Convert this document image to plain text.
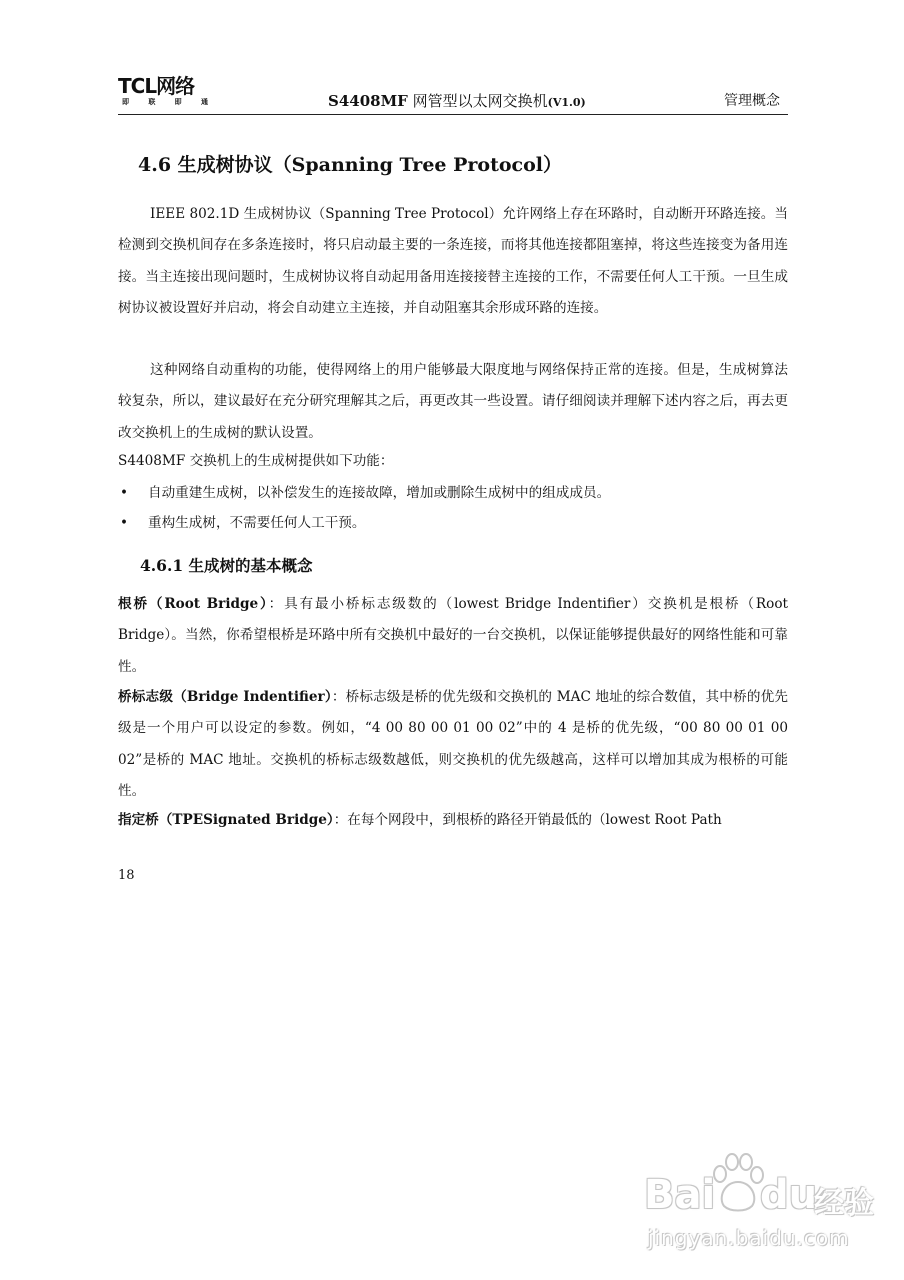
TCL网络
即	联	即	通	S4408MF 网管型以太网交换机(V1.0)	管理概念
4.6 生成树协议（Spanning Tree Protocol）
IEEE 802.1D 生成树协议（Spanning Tree Protocol）允许网络上存在环路时，自动断开环路连接。当检测到交换机间存在多条连接时，将只启动最主要的一条连接，而将其他连接都阻塞掉，将这些连接变为备用连接。当主连接出现问题时，生成树协议将自动起用备用连接接替主连接的工作，不需要任何人工干预。一旦生成树协议被设置好并启动，将会自动建立主连接，并自动阻塞其余形成环路的连接。
这种网络自动重构的功能，使得网络上的用户能够最大限度地与网络保持正常的连接。但是，生成树算法较复杂，所以，建议最好在充分研究理解其之后，再更改其一些设置。请仔细阅读并理解下述内容之后，再去更改交换机上的生成树的默认设置。
S4408MF 交换机上的生成树提供如下功能：
• 自动重建生成树，以补偿发生的连接故障，增加或删除生成树中的组成成员。
• 重构生成树，不需要任何人工干预。
4.6.1 生成树的基本概念
根桥（Root Bridge）：具有最小桥标志级数的（lowest Bridge Indentifier）交换机是根桥（Root Bridge）。当然，你希望根桥是环路中所有交换机中最好的一台交换机，以保证能够提供最好的网络性能和可靠性。
桥标志级（Bridge Indentifier）：桥标志级是桥的优先级和交换机的 MAC 地址的综合数值，其中桥的优先级是一个用户可以设定的参数。例如，“4 00 80 00 01 00 02”中的 4 是桥的优先级，“00 80 00 01 00 02”是桥的 MAC 地址。交换机的桥标志级数越低，则交换机的优先级越高，这样可以增加其成为根桥的可能性。
指定桥（TPESignated Bridge）：在每个网段中，到根桥的路径开销最低的（lowest Root Path
18
Bai du
经验
jingyan.baidu.com
